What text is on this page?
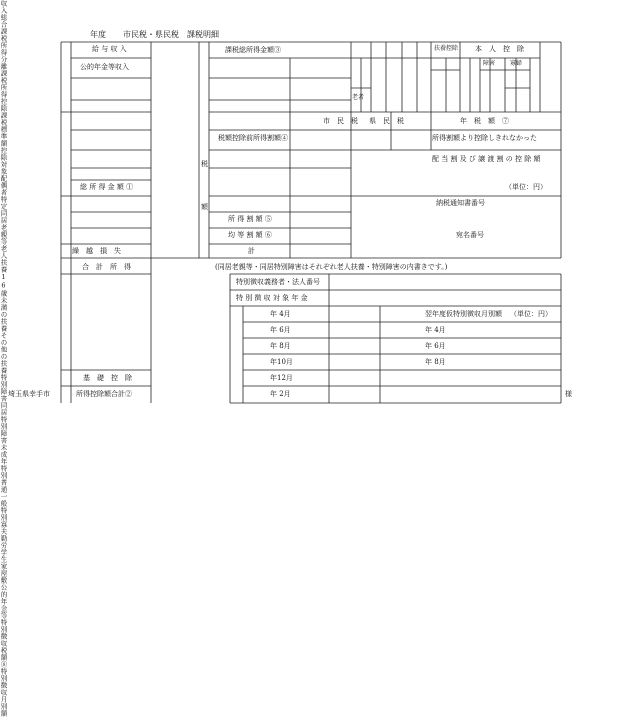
年度 市民税・県民税　課税明細
収入
給 与 収 入
公的年金等収入
総合課税所得
総 所 得 金 額 ①
分離課税
繰　越　損　失
合　計　所　得
所得控除
基　礎　控　除
所得控除額合計②
課税標準額
課税総所得金額③
税
額
税額控除前所得割額④
所 得 割 額 ⑤
均 等 割 額 ⑥
計
控除対象配偶者
特定
老者
同居老親等
老人扶養
16歳未満の扶養
その他の扶養
扶養控除
特別障害
同居特別障害
未成年
本　人　控　除
障害
特別
普通
寡婦
一般
特別
寡夫
勤労学生
家屋敷
市　民　税 県　民　税	年　税　額　⑦
所得割額より控除しきれなかった
配 当 割 及 び 譲 渡 割 の 控 除 額
（単位：円）
納税通知書番号
宛名番号
(同居老親等・同居特別障害はそれぞれ老人扶養・特別障害の内書きです。)
公的年金等特別徴収税額⑧
特別徴収義務者・法人番号
特 別 徴 収 対 象 年 金
特別徴収月別額
年 4月
年 6月
年 8月
年10月
年12月
年 2月
翌年度仮特別徴収月別額 （単位：円）
年 4月
年 6月
年 8月
埼玉県幸手市	様
